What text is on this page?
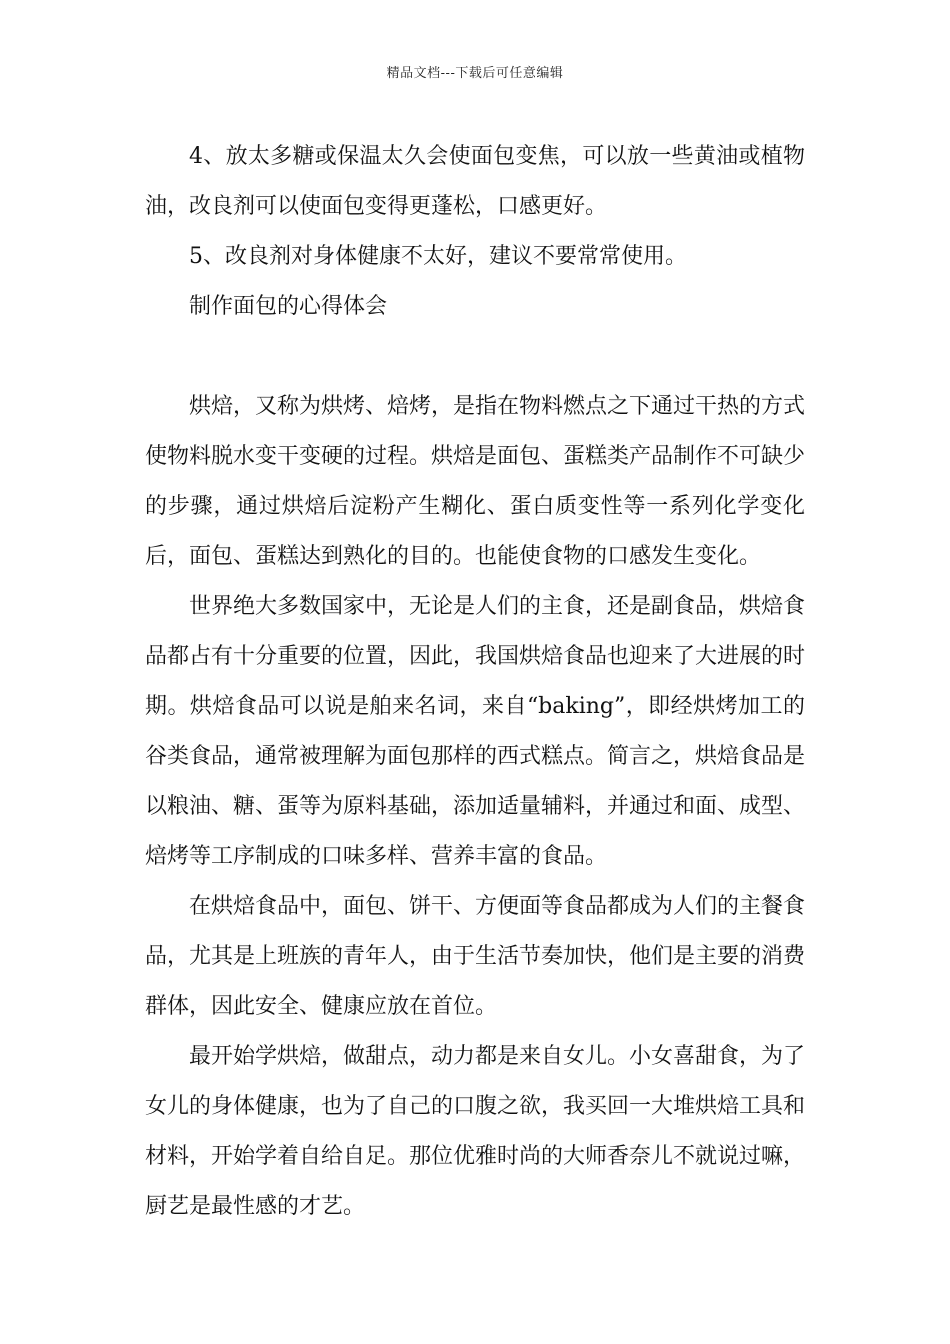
精品文档---下载后可任意编辑

4、放太多糖或保温太久会使面包变焦，可以放一些黄油或植物油，改良剂可以使面包变得更蓬松，口感更好。

5、改良剂对身体健康不太好，建议不要常常使用。

制作面包的心得体会

烘焙，又称为烘烤、焙烤，是指在物料燃点之下通过干热的方式使物料脱水变干变硬的过程。烘焙是面包、蛋糕类产品制作不可缺少的步骤，通过烘焙后淀粉产生糊化、蛋白质变性等一系列化学变化后，面包、蛋糕达到熟化的目的。也能使食物的口感发生变化。

世界绝大多数国家中，无论是人们的主食，还是副食品，烘焙食品都占有十分重要的位置，因此，我国烘焙食品也迎来了大进展的时期。烘焙食品可以说是舶来名词，来自“baking”，即经烘烤加工的谷类食品，通常被理解为面包那样的西式糕点。简言之，烘焙食品是以粮油、糖、蛋等为原料基础，添加适量辅料，并通过和面、成型、焙烤等工序制成的口味多样、营养丰富的食品。

在烘焙食品中，面包、饼干、方便面等食品都成为人们的主餐食品，尤其是上班族的青年人，由于生活节奏加快，他们是主要的消费群体，因此安全、健康应放在首位。

最开始学烘焙，做甜点，动力都是来自女儿。小女喜甜食，为了女儿的身体健康，也为了自己的口腹之欲，我买回一大堆烘焙工具和材料，开始学着自给自足。那位优雅时尚的大师香奈儿不就说过嘛，厨艺是最性感的才艺。
